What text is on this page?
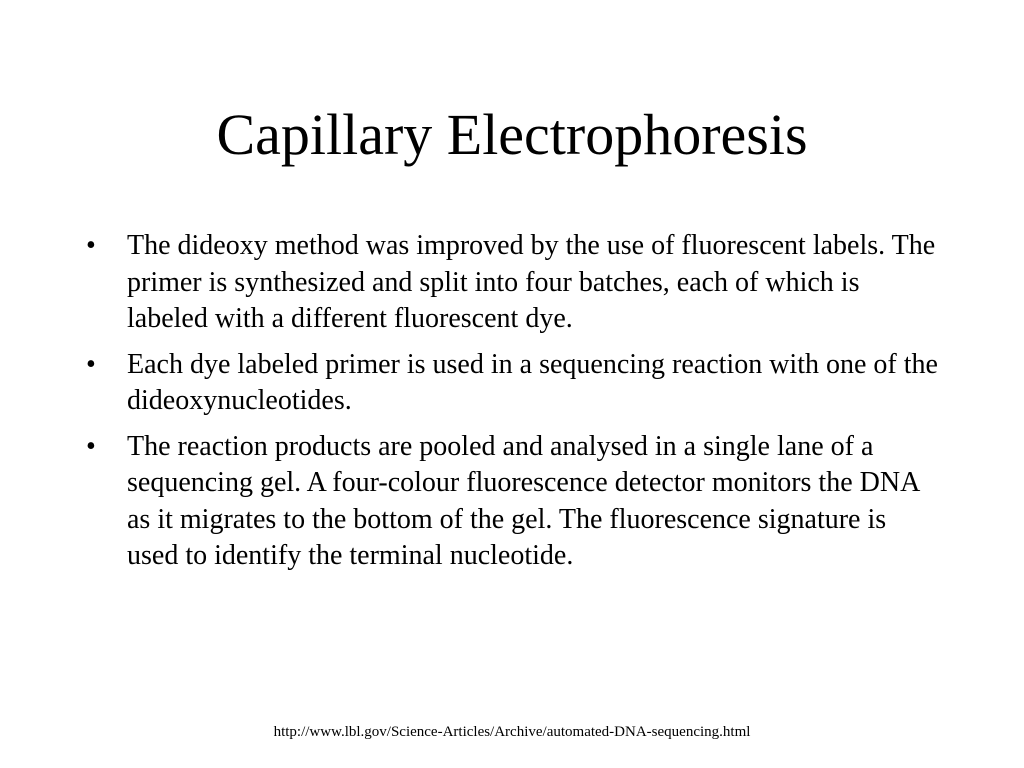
Capillary Electrophoresis
• The dideoxy method was improved by the use of fluorescent labels. The primer is synthesized and split into four batches, each of which is labeled with a different fluorescent dye.
• Each dye labeled primer is used in a sequencing reaction with one of the dideoxynucleotides.
• The reaction products are pooled and analysed in a single lane of a sequencing gel. A four-colour fluorescence detector monitors the DNA as it migrates to the bottom of the gel. The fluorescence signature is used to identify the terminal nucleotide.
http://www.lbl.gov/Science-Articles/Archive/automated-DNA-sequencing.html
